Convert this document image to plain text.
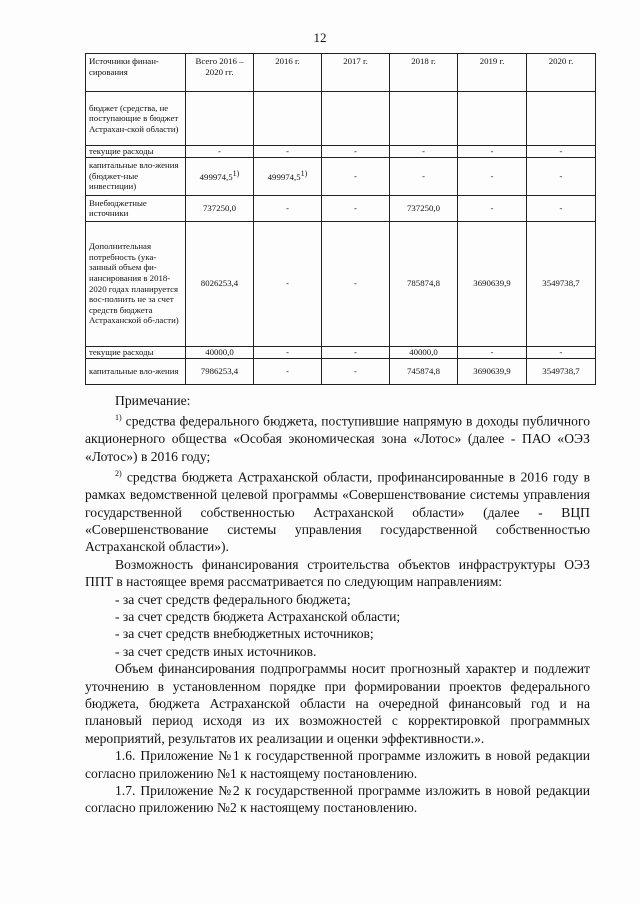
12
Источники финан-сирования	Всего 2016 – 2020 гг.	2016 г.	2017 г.	2018 г.	2019 г.	2020 г.
бюджет (средства, не поступающие в бюджет Астрахан-ской области)						
текущие расходы	-	-	-	-	-	-
капитальные вло-жения (бюджет-ные инвестиции)	499974,5$^{1)}$	499974,5$^{1)}$	-	-	-	-
Внебюджетные источники	737250,0	-	-	737250,0	-	-
Дополнительная потребность (ука-занный объем фи-нансирования в 2018-2020 годах планируется вос-полнить не за счет средств бюджета Астраханской об-ласти)	8026253,4	-	-	785874,8	3690639,9	3549738,7
текущие расходы	40000,0	-	-	40000,0	-	-
капитальные вло-жения	7986253,4	-	-	745874,8	3690639,9	3549738,7

Примечание:

$^{1)}$ средства федерального бюджета, поступившие напрямую в доходы публичного акционерного общества «Особая экономическая зона «Лотос» (далее - ПАО «ОЭЗ «Лотос») в 2016 году;

$^{2)}$ средства бюджета Астраханской области, профинансированные в 2016 году в рамках ведомственной целевой программы «Совершенствование системы управления государственной собственностью Астраханской области» (далее - ВЦП «Совершенствование системы управления государственной собственностью Астраханской области»).

Возможность финансирования строительства объектов инфраструктуры ОЭЗ ППТ в настоящее время рассматривается по следующим направлениям:

- за счет средств федерального бюджета;

- за счет средств бюджета Астраханской области;

- за счет средств внебюджетных источников;

- за счет средств иных источников.

Объем финансирования подпрограммы носит прогнозный характер и подлежит уточнению в установленном порядке при формировании проектов федерального бюджета, бюджета Астраханской области на очередной финансовый год и на плановый период исходя из их возможностей с корректировкой программных мероприятий, результатов их реализации и оценки эффективности.».

1.6. Приложение №1 к государственной программе изложить в новой редакции согласно приложению №1 к настоящему постановлению.

1.7. Приложение №2 к государственной программе изложить в новой редакции согласно приложению №2 к настоящему постановлению.
